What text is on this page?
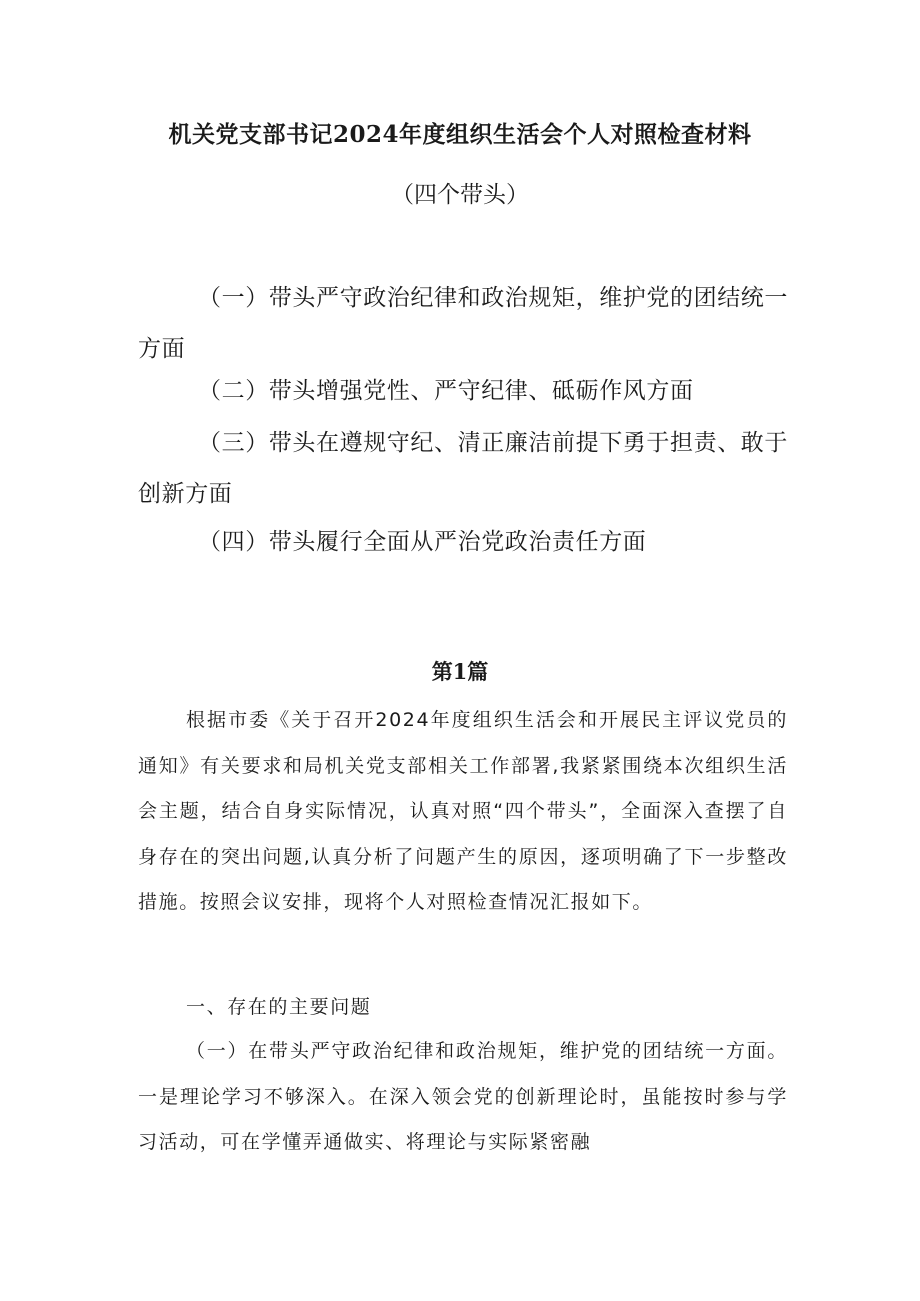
机关党支部书记2024年度组织生活会个人对照检查材料
（四个带头）

（一）带头严守政治纪律和政治规矩，维护党的团结统一方面

（二）带头增强党性、严守纪律、砥砺作风方面

（三）带头在遵规守纪、清正廉洁前提下勇于担责、敢于创新方面

（四）带头履行全面从严治党政治责任方面

第1篇

根据市委《关于召开2024年度组织生活会和开展民主评议党员的通知》有关要求和局机关党支部相关工作部署,我紧紧围绕本次组织生活会主题，结合自身实际情况，认真对照“四个带头”，全面深入查摆了自身存在的突出问题,认真分析了问题产生的原因，逐项明确了下一步整改措施。按照会议安排，现将个人对照检查情况汇报如下。

一、存在的主要问题

（一）在带头严守政治纪律和政治规矩，维护党的团结统一方面。一是理论学习不够深入。在深入领会党的创新理论时，虽能按时参与学习活动，可在学懂弄通做实、将理论与实际紧密融
